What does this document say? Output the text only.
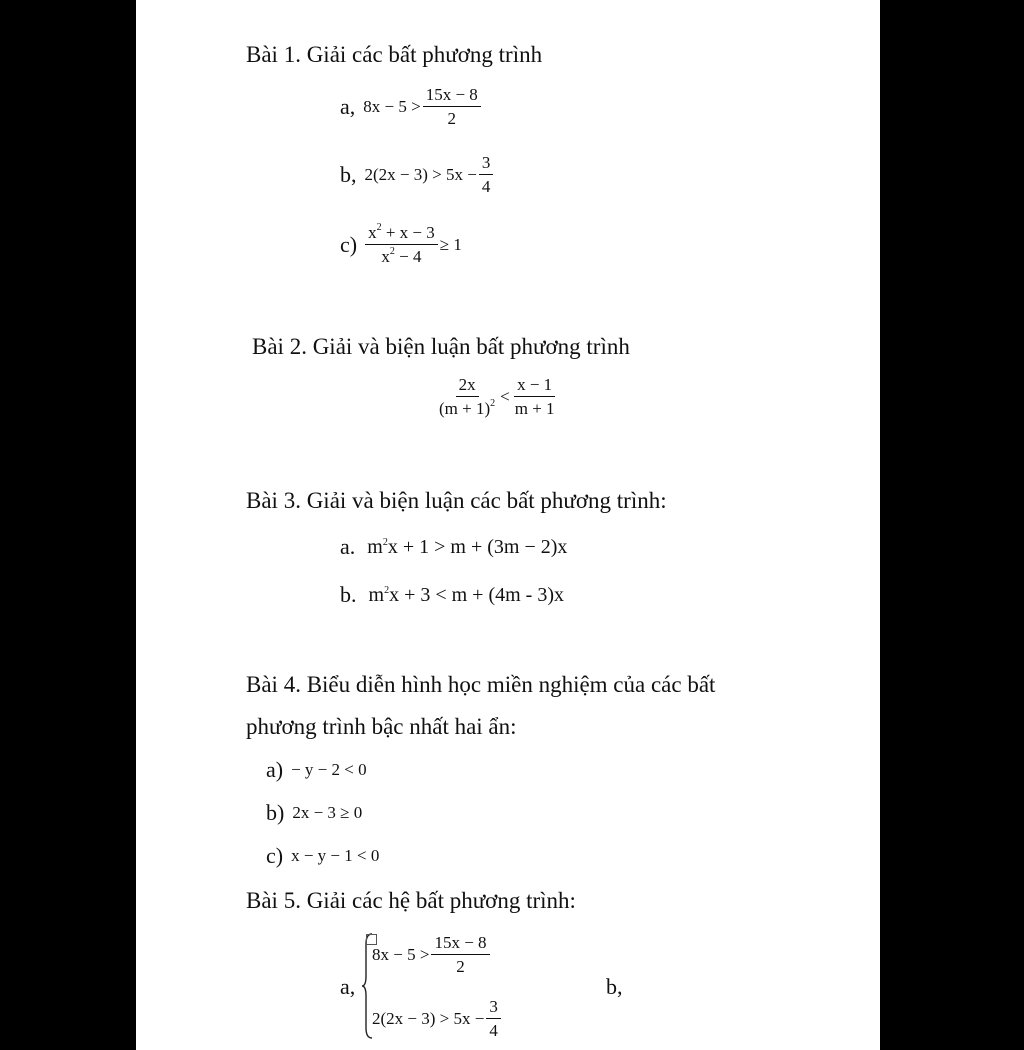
Bài 1. Giải các bất phương trình
a, $8x - 5 > \frac{15x - 8}{2}$
b, $2(2x - 3) > 5x - \frac{3}{4}$
$c) \frac{x^2 + x - 3}{x^2 - 4} \ge 1$
Bài 2. Giải và biện luận bất phương trình
$\frac{2x}{(m + 1)^2} < \frac{x - 1}{m + 1}$
Bài 3. Giải và biện luận các bất phương trình:
a. $m^2x + 1 > m + (3m - 2)x$
b. $m^2x + 3 < m + (4m - 3)x$
Bài 4. Biểu diễn hình học miền nghiệm của các bất
phương trình bậc nhất hai ẩn:
a) − y − 2 < 0
b) 2x − 3 ≥ 0
c) x − y − 1 < 0
Bài 5. Giải các hệ bất phương trình:
a,
$8x - 5 > \frac{15x - 8}{2}$
$2(2x - 3) > 5x - \frac{3}{4}$
b,
